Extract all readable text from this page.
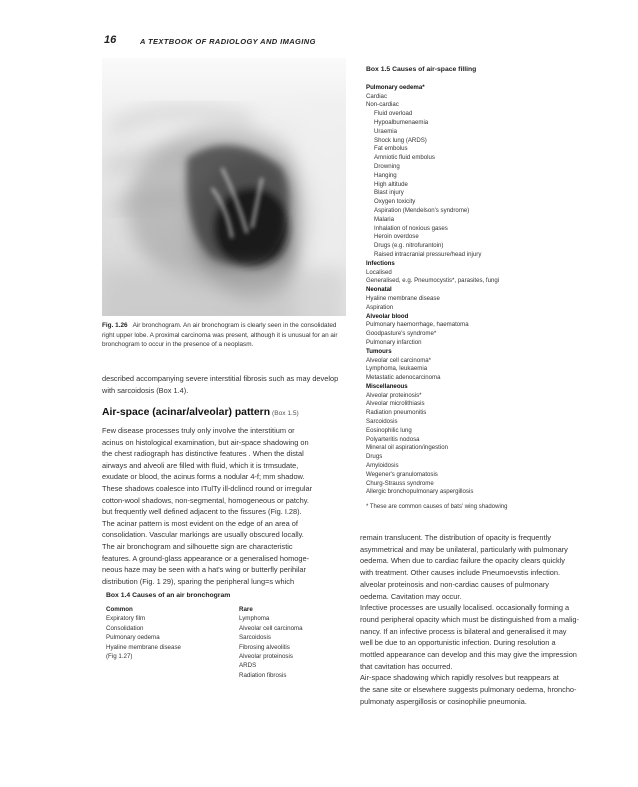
16	A TEXTBOOK OF RADIOLOGY AND IMAGING
Fig. 1.26 Air bronchogram. An air bronchogram is clearly seen in the consolidated right upper lobe. A proximal carcinoma was present, although it is unusual for an air bronchogram to occur in the presence of a neoplasm.
described accompanying severe interstitial fibrosis such as may develop with sarcoidosis (Box 1.4).
Air-space (acinar/alveolar) pattern (Box 1.5)
Few disease processes truly only involve the interstitium or
acinus on histological examination, but air-space shadowing on
the chest radiograph has distinctive features . When the distal
airways and alveoli are filled with fluid, which it is trmsudate,
exudate or blood, the acinus forms a nodular 4-f; mm shadow.
These shadows coalesce into ITulTy ill-dclincd round or irregular
cotton-wool shadows, non-segmental, homogeneous or patchy.
but frequently well defined adjacent to the fissures (Fig. I.28).
The acinar pattern is most evident on the edge of an area of
consolidation. Vascular markings are usually obscured locally.
The air bronchogram and silhouette sign are characteristic
features. A ground-glass appearance or a generalised homoge-
neous haze may be seen with a hat's wing or butterfly perihilar
distribution (Fig. 1 29), sparing the peripheral lung=s which
Box 1.4 Causes of an air bronchogram
Common
Expiratory film
Consolidation
Pulmonary oedema
Hyaline membrane disease
(Fig 1.27)
Rare
Lymphoma
Alveolar cell carcinoma
Sarcoidosis
Fibrosing alveolitis
Alveolar proteinosis
ARDS
Radiation fibrosis
Box 1.5 Causes of air-space filling
Pulmonary oedema*
Cardiac
Non-cardiac
Fluid overload
Hypoalbumenaemia
Uraemia
Shock lung (ARDS)
Fat embolus
Amniotic fluid embolus
Drowning
Hanging
High altitude
Blast injury
Oxygen toxicity
Aspiration (Mendelson's syndrome)
Malaria
Inhalation of noxious gases
Heroin overdose
Drugs (e.g. nitrofurantoin)
Raised intracranial pressure/head injury
Infections
Localised
Generalised, e.g. Pneumocystis*, parasites, fungi
Neonatal
Hyaline membrane disease
Aspiration
Alveolar blood
Pulmonary haemorrhage, haematoma
Goodpasture's syndrome*
Pulmonary infarction
Tumours
Alveolar cell carcinoma*
Lymphoma, leukaemia
Metastatic adenocarcinoma
Miscellaneous
Alveolar proteinosis*
Alveolar microlithiasis
Radiation pneumonitis
Sarcoidosis
Eosinophilic lung
Polyarteritis nodosa
Mineral oil aspiration/ingestion
Drugs
Amyloidosis
Wegener's granulomatosis
Churg-Strauss syndrome
Allergic bronchopulmonary aspergillosis
* These are common causes of bats' wing shadowing
remain translucent. The distribution of opacity is frequently
asymmetrical and may be unilateral, particularly with pulmonary
oedema. When due to cardiac failure the opacity clears quickly
with treatment. Other causes include Pneumoevstis infection.
alveolar proteinosis and non-cardiac causes of pulmonary
oedema. Cavitation may occur.
Infective processes are usually localised. occasionally forming a
round peripheral opacity which must be distinguished from a malig-
nancy. If an infective process is bilateral and generalised it may
well be due to an opportunistic infection. During resolution a
mottled appearance can develop and this may give the impression
that cavitation has occurred.
Air-space shadowing which rapidly resolves but reappears at
the sane site or elsewhere suggests pulmonary oedema, hroncho-
pulmonaty aspergillosis or cosinophilie pneumonia.
